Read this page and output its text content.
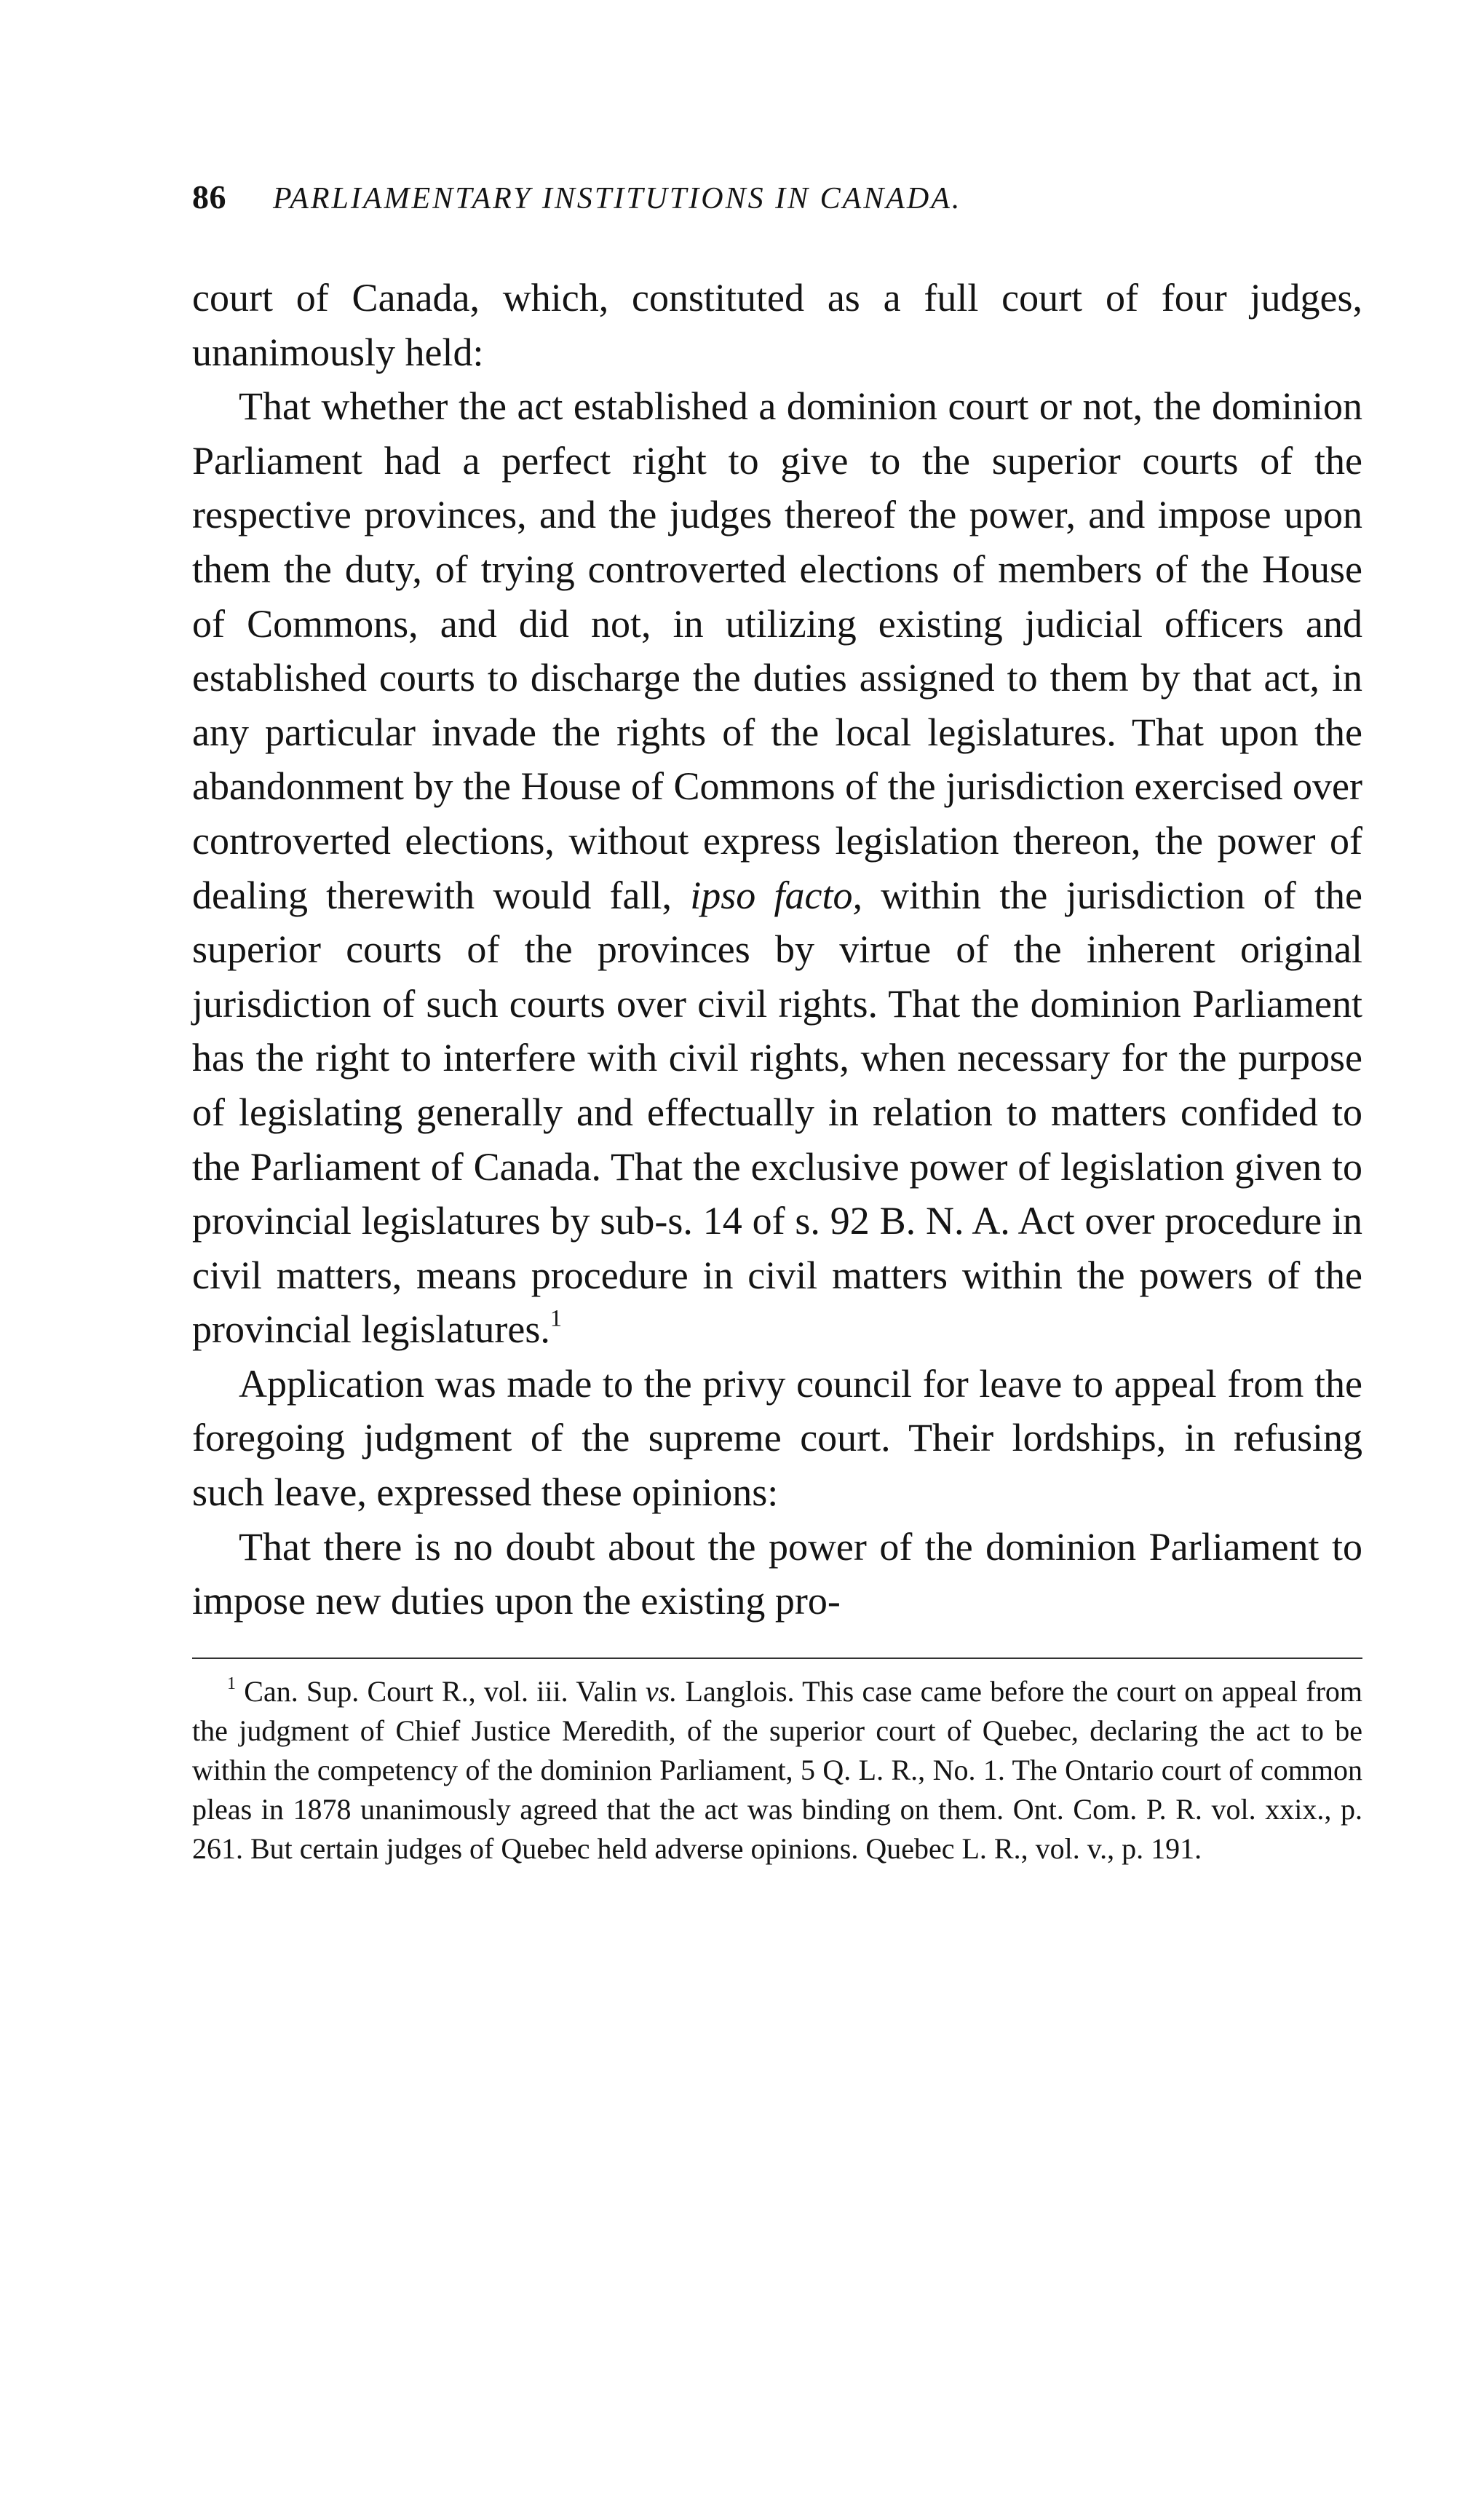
86 PARLIAMENTARY INSTITUTIONS IN CANADA.

court of Canada, which, constituted as a full court of four judges, unanimously held:

That whether the act established a dominion court or not, the dominion Parliament had a perfect right to give to the superior courts of the respective provinces, and the judges thereof the power, and impose upon them the duty, of trying controverted elections of members of the House of Commons, and did not, in utilizing existing judicial officers and established courts to discharge the duties assigned to them by that act, in any particular invade the rights of the local legislatures. That upon the abandonment by the House of Commons of the jurisdiction exercised over controverted elections, without express legislation thereon, the power of dealing therewith would fall, ipso facto, within the jurisdiction of the superior courts of the provinces by virtue of the inherent original jurisdiction of such courts over civil rights. That the dominion Parliament has the right to interfere with civil rights, when necessary for the purpose of legislating generally and effectually in relation to matters confided to the Parliament of Canada. That the exclusive power of legislation given to provincial legislatures by sub-s. 14 of s. 92 B. N. A. Act over procedure in civil matters, means procedure in civil matters within the powers of the provincial legislatures.$^1$

Application was made to the privy council for leave to appeal from the foregoing judgment of the supreme court. Their lordships, in refusing such leave, expressed these opinions:

That there is no doubt about the power of the dominion Parliament to impose new duties upon the existing pro-

$^1$ Can. Sup. Court R., vol. iii. Valin vs. Langlois. This case came before the court on appeal from the judgment of Chief Justice Meredith, of the superior court of Quebec, declaring the act to be within the competency of the dominion Parliament, 5 Q. L. R., No. 1. The Ontario court of common pleas in 1878 unanimously agreed that the act was binding on them. Ont. Com. P. R. vol. xxix., p. 261. But certain judges of Quebec held adverse opinions. Quebec L. R., vol. v., p. 191.
